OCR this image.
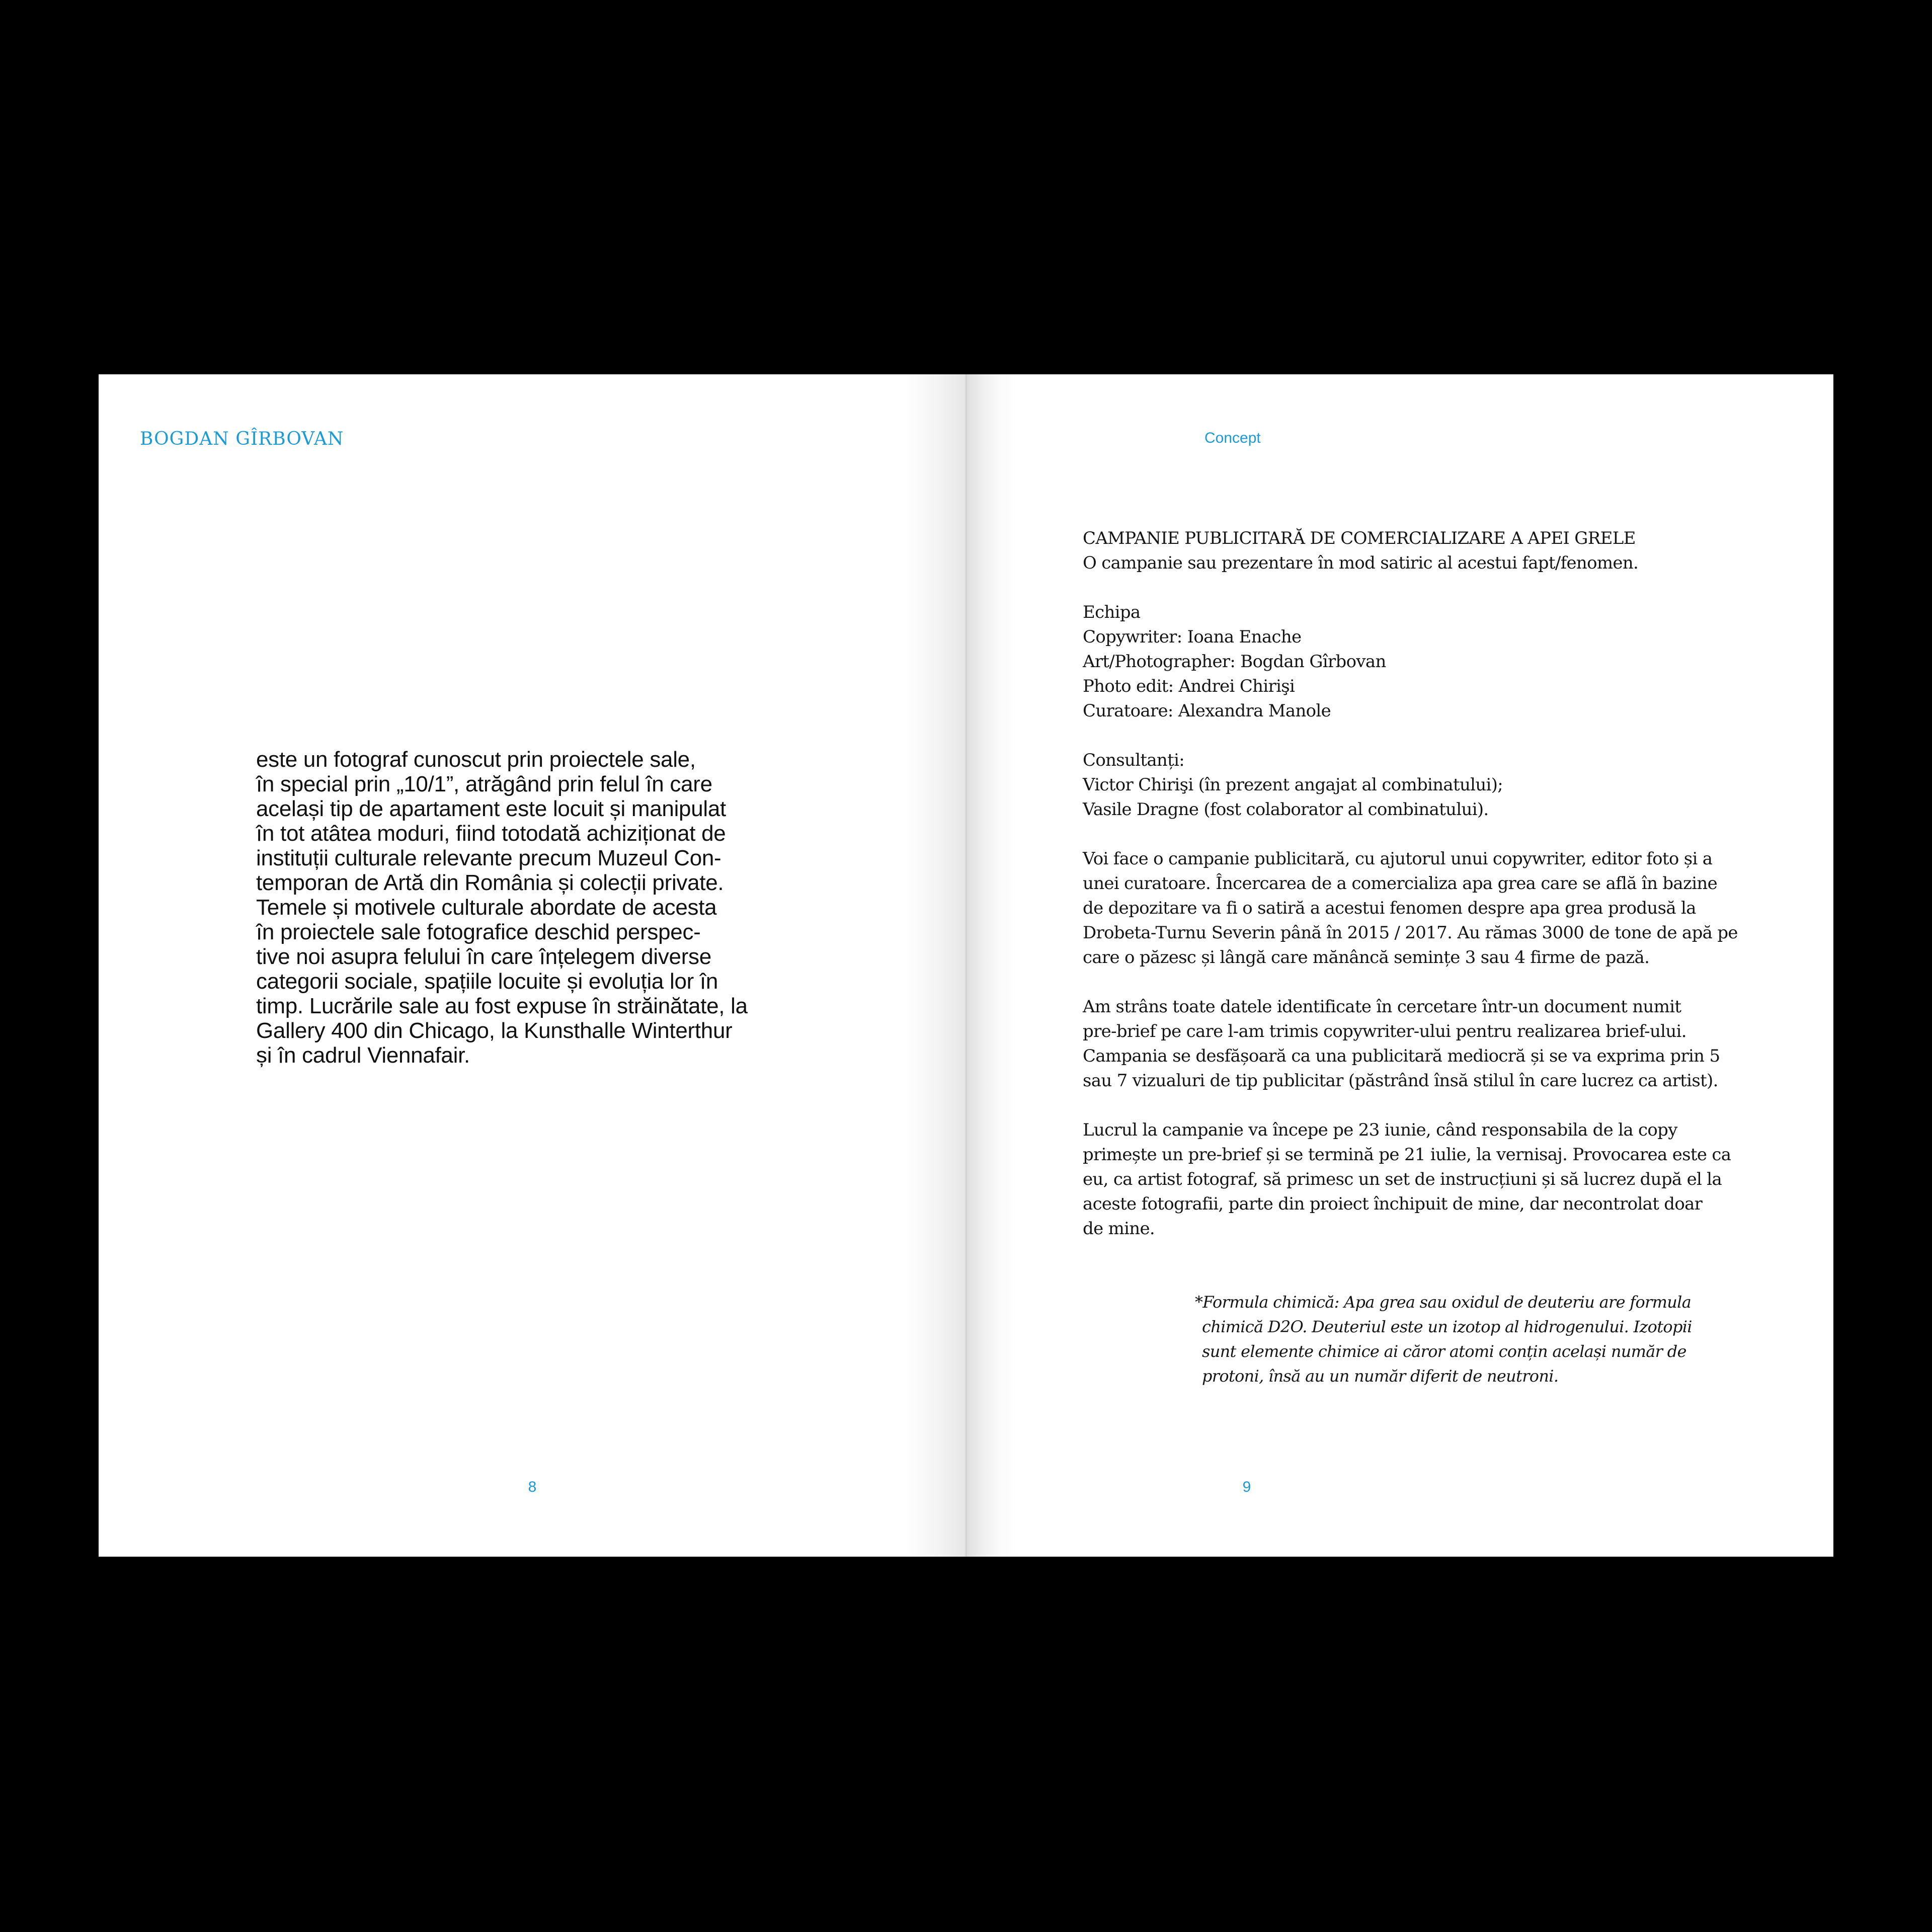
BOGDAN GÎRBOVAN

este un fotograf cunoscut prin proiectele sale,
în special prin „10/1”, atrăgând prin felul în care
același tip de apartament este locuit și manipulat
în tot atâtea moduri, fiind totodată achiziționat de
instituții culturale relevante precum Muzeul Con-
temporan de Artă din România și colecții private.
Temele și motivele culturale abordate de acesta
în proiectele sale fotografice deschid perspec-
tive noi asupra felului în care înțelegem diverse
categorii sociale, spațiile locuite și evoluția lor în
timp. Lucrările sale au fost expuse în străinătate, la
Gallery 400 din Chicago, la Kunsthalle Winterthur
și în cadrul Viennafair.

8
Concept
CAMPANIE PUBLICITARĂ DE COMERCIALIZARE A APEI GRELE
O campanie sau prezentare în mod satiric al acestui fapt/fenomen.
Echipa
Copywriter: Ioana Enache
Art/Photographer: Bogdan Gîrbovan
Photo edit: Andrei Chirişi
Curatoare: Alexandra Manole
Consultanți:
Victor Chirişi (în prezent angajat al combinatului);
Vasile Dragne (fost colaborator al combinatului).
Voi face o campanie publicitară, cu ajutorul unui copywriter, editor foto și a
unei curatoare. Încercarea de a comercializa apa grea care se află în bazine
de depozitare va fi o satiră a acestui fenomen despre apa grea produsă la
Drobeta-Turnu Severin până în 2015 / 2017. Au rămas 3000 de tone de apă pe
care o păzesc și lângă care mănâncă semințe 3 sau 4 firme de pază.
Am strâns toate datele identificate în cercetare într-un document numit
pre-brief pe care l-am trimis copywriter-ului pentru realizarea brief-ului.
Campania se desfășoară ca una publicitară mediocră și se va exprima prin 5
sau 7 vizualuri de tip publicitar (păstrând însă stilul în care lucrez ca artist).
Lucrul la campanie va începe pe 23 iunie, când responsabila de la copy
primește un pre-brief și se termină pe 21 iulie, la vernisaj. Provocarea este ca
eu, ca artist fotograf, să primesc un set de instrucțiuni și să lucrez după el la
aceste fotografii, parte din proiect închipuit de mine, dar necontrolat doar
de mine.
*Formula chimică: Apa grea sau oxidul de deuteriu are formula
chimică D2O. Deuteriul este un izotop al hidrogenului. Izotopii
sunt elemente chimice ai căror atomi conțin același număr de
protoni, însă au un număr diferit de neutroni.
9
